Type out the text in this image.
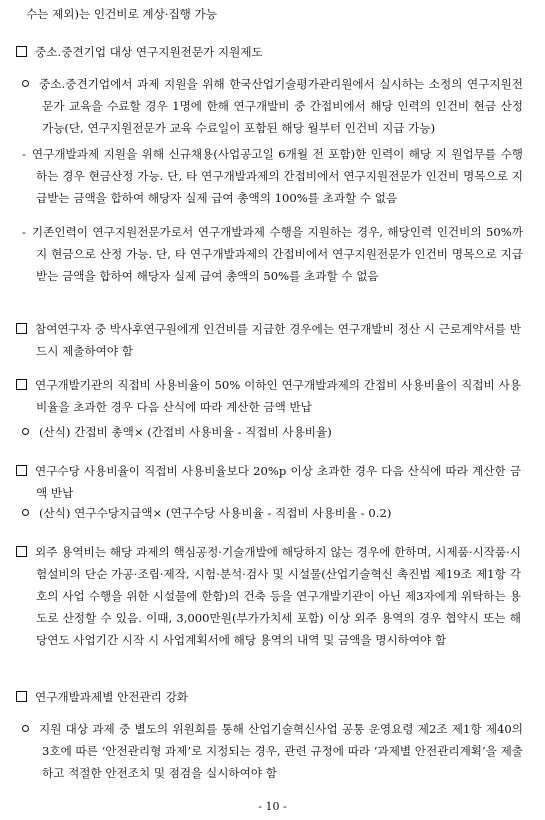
수는 제외)는 인건비로 계상·집행 가능

중소․중견기업 대상 연구지원전문가 지원제도

중소․중견기업에서 과제 지원을 위해 한국산업기술평가관리원에서 실시하는 소정의 연구지원전문가 교육을 수료할 경우 1명에 한해 연구개발비 중 간접비에서 해당 인력의 인건비 현금 산정 가능(단, 연구지원전문가 교육 수료일이 포함된 해당 월부터 인건비 지급 가능)

- 연구개발과제 지원을 위해 신규채용(사업공고일 6개월 전 포함)한 인력이 해당 지 원업무를 수행하는 경우 현금산정 가능. 단, 타 연구개발과제의 간접비에서 연구지원전문가 인건비 명목으로 지급받는 금액을 합하여 해당자 실제 급여 총액의 100%를 초과할 수 없음

- 기존인력이 연구지원전문가로서 연구개발과제 수행을 지원하는 경우, 해당인력 인건비의 50%까지 현금으로 산정 가능. 단, 타 연구개발과제의 간접비에서 연구지원전문가 인건비 명목으로 지급받는 금액을 합하여 해당자 실제 급여 총액의 50%를 초과할 수 없음

참여연구자 중 박사후연구원에게 인건비를 지급한 경우에는 연구개발비 정산 시 근로계약서를 반드시 제출하여야 함

연구개발기관의 직접비 사용비율이 50% 이하인 연구개발과제의 간접비 사용비율이 직접비 사용비율을 초과한 경우 다음 산식에 따라 계산한 금액 반납

(산식) 간접비 총액× (간접비 사용비율 - 직접비 사용비율)

연구수당 사용비율이 직접비 사용비율보다 20%p 이상 초과한 경우 다음 산식에 따라 계산한 금액 반납

(산식) 연구수당지급액× (연구수당 사용비율 - 직접비 사용비율 - 0.2)

외주 용역비는 해당 과제의 핵심공정·기술개발에 해당하지 않는 경우에 한하며, 시제품·시작품·시험설비의 단순 가공·조립·제작, 시험·분석·검사 및 시설물(산업기술혁신 촉진법 제19조 제1항 각호의 사업 수행을 위한 시설물에 한함)의 건축 등을 연구개발기관이 아닌 제3자에게 위탁하는 용도로 산정할 수 있음. 이때, 3,000만원(부가가치세 포함) 이상 외주 용역의 경우 협약시 또는 해당연도 사업기간 시작 시 사업계획서에 해당 용역의 내역 및 금액을 명시하여야 함

연구개발과제별 안전관리 강화

지원 대상 과제 중 별도의 위원회를 통해 산업기술혁신사업 공통 운영요령 제2조 제1항 제40의3호에 따른 ‘안전관리형 과제’로 지정되는 경우, 관련 규정에 따라 ‘과제별 안전관리계획’을 제출하고 적절한 안전조치 및 점검을 실시하여야 함

- 10 -
